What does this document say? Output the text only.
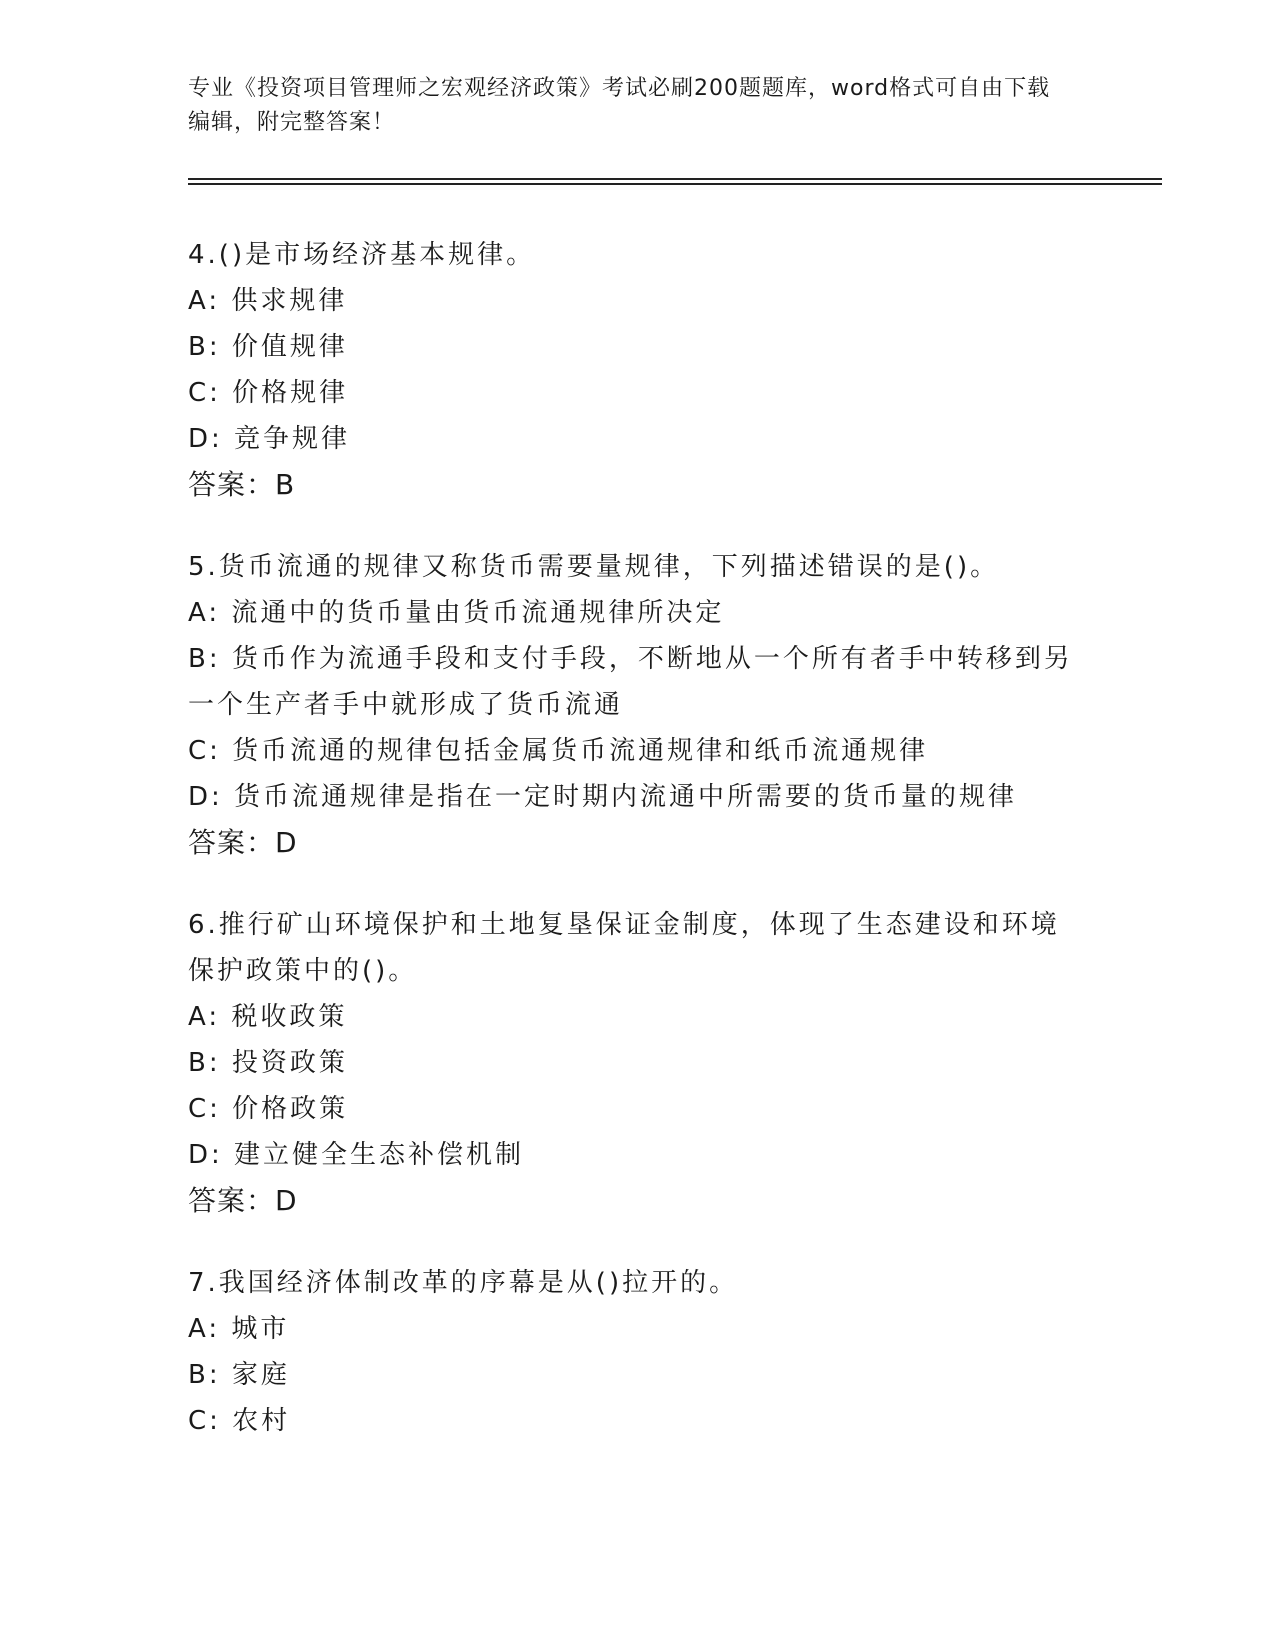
专业《投资项目管理师之宏观经济政策》考试必刷200题题库，word格式可自由下载编辑，附完整答案！
4.()是市场经济基本规律。
A: 供求规律
B: 价值规律
C: 价格规律
D: 竞争规律
答案：B
5.货币流通的规律又称货币需要量规律，下列描述错误的是()。
A: 流通中的货币量由货币流通规律所决定
B: 货币作为流通手段和支付手段，不断地从一个所有者手中转移到另一个生产者手中就形成了货币流通
C: 货币流通的规律包括金属货币流通规律和纸币流通规律
D: 货币流通规律是指在一定时期内流通中所需要的货币量的规律
答案：D
6.推行矿山环境保护和土地复垦保证金制度，体现了生态建设和环境保护政策中的()。
A: 税收政策
B: 投资政策
C: 价格政策
D: 建立健全生态补偿机制
答案：D
7.我国经济体制改革的序幕是从()拉开的。
A: 城市
B: 家庭
C: 农村
